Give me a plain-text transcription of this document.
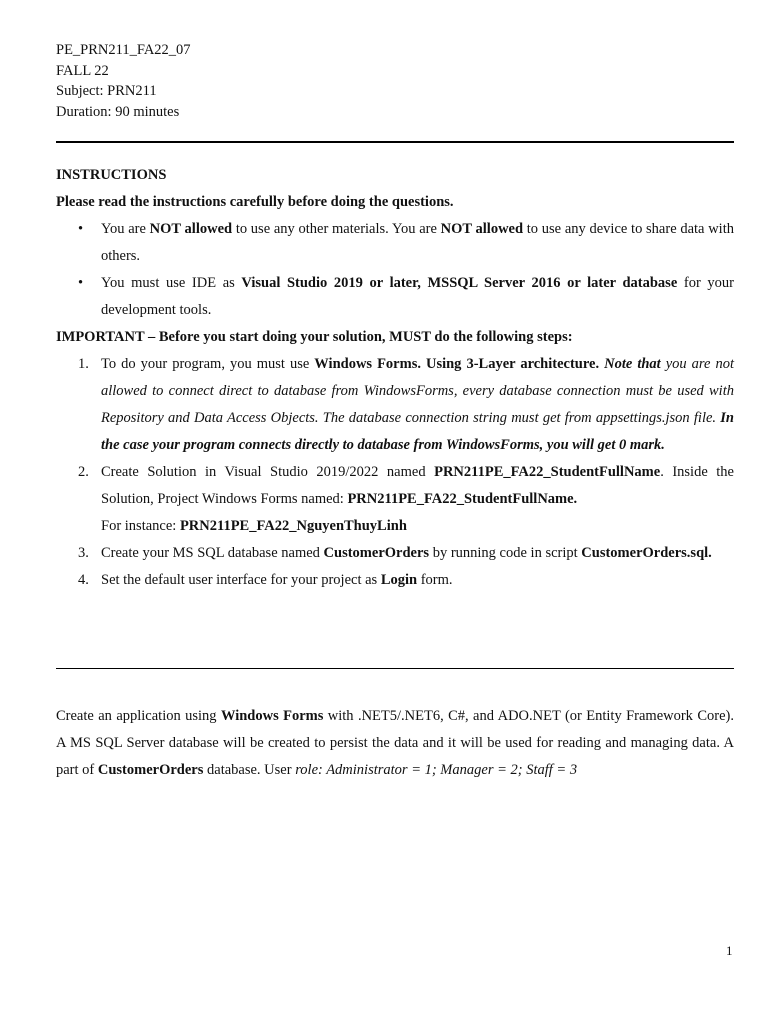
PE_PRN211_FA22_07
FALL 22
Subject: PRN211
Duration: 90 minutes

INSTRUCTIONS

Please read the instructions carefully before doing the questions.

• You are NOT allowed to use any other materials. You are NOT allowed to use any device to share data with others.
• You must use IDE as Visual Studio 2019 or later, MSSQL Server 2016 or later database for your development tools.

IMPORTANT – Before you start doing your solution, MUST do the following steps:

1. To do your program, you must use Windows Forms. Using 3-Layer architecture. Note that you are not allowed to connect direct to database from WindowsForms, every database connection must be used with Repository and Data Access Objects. The database connection string must get from appsettings.json file. In the case your program connects directly to database from WindowsForms, you will get 0 mark.
2. Create Solution in Visual Studio 2019/2022 named PRN211PE_FA22_StudentFullName. Inside the Solution, Project Windows Forms named: PRN211PE_FA22_StudentFullName.
For instance: PRN211PE_FA22_NguyenThuyLinh
3. Create your MS SQL database named CustomerOrders by running code in script CustomerOrders.sql.
4. Set the default user interface for your project as Login form.

Create an application using Windows Forms with .NET5/.NET6, C#, and ADO.NET (or Entity Framework Core). A MS SQL Server database will be created to persist the data and it will be used for reading and managing data. A part of CustomerOrders database. User role: Administrator = 1; Manager = 2; Staff = 3

1
